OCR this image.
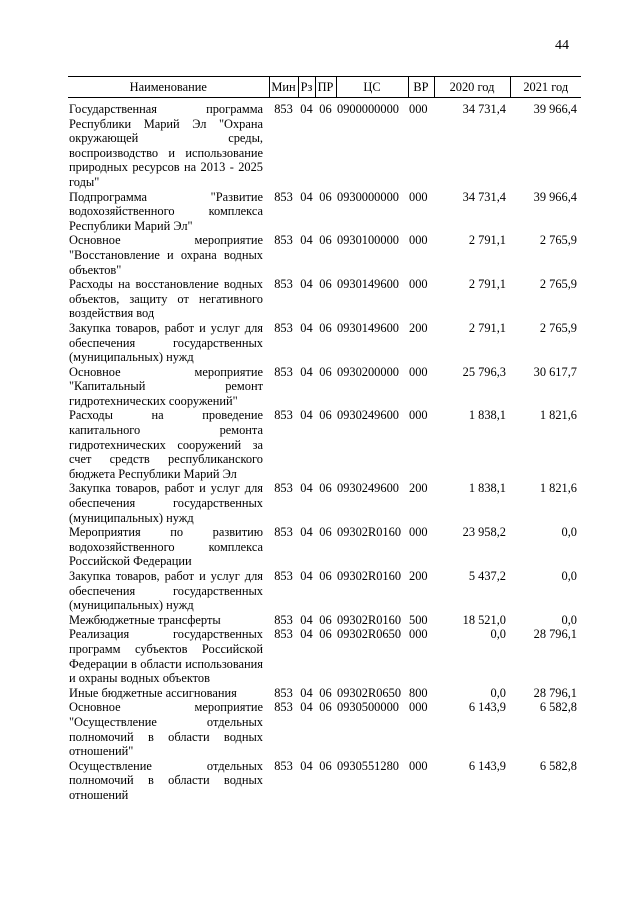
44
Наименование	Мин	Рз	ПР	ЦС	ВР	2020 год	2021 год
Государственная программа Республики Марий Эл "Охрана окружающей среды, воспроизводство и использование природных ресурсов на 2013 - 2025 годы"	853	04	06	0900000000	000	34 731,4	39 966,4
Подпрограмма "Развитие водохозяйственного комплекса Республики Марий Эл"	853	04	06	0930000000	000	34 731,4	39 966,4
Основное мероприятие "Восстановление и охрана водных объектов"	853	04	06	0930100000	000	2 791,1	2 765,9
Расходы на восстановление водных объектов, защиту от негативного воздействия вод	853	04	06	0930149600	000	2 791,1	2 765,9
Закупка товаров, работ и услуг для обеспечения государственных (муниципальных) нужд	853	04	06	0930149600	200	2 791,1	2 765,9
Основное мероприятие "Капитальный ремонт гидротехнических сооружений"	853	04	06	0930200000	000	25 796,3	30 617,7
Расходы на проведение капитального ремонта гидротехнических сооружений за счет средств республиканского бюджета Республики Марий Эл	853	04	06	0930249600	000	1 838,1	1 821,6
Закупка товаров, работ и услуг для обеспечения государственных (муниципальных) нужд	853	04	06	0930249600	200	1 838,1	1 821,6
Мероприятия по развитию водохозяйственного комплекса Российской Федерации	853	04	06	09302R0160	000	23 958,2	0,0
Закупка товаров, работ и услуг для обеспечения государственных (муниципальных) нужд	853	04	06	09302R0160	200	5 437,2	0,0
Межбюджетные трансферты	853	04	06	09302R0160	500	18 521,0	0,0
Реализация государственных программ субъектов Российской Федерации в области использования и охраны водных объектов	853	04	06	09302R0650	000	0,0	28 796,1
Иные бюджетные ассигнования	853	04	06	09302R0650	800	0,0	28 796,1
Основное мероприятие "Осуществление отдельных полномочий в области водных отношений"	853	04	06	0930500000	000	6 143,9	6 582,8
Осуществление отдельных полномочий в области водных отношений	853	04	06	0930551280	000	6 143,9	6 582,8
